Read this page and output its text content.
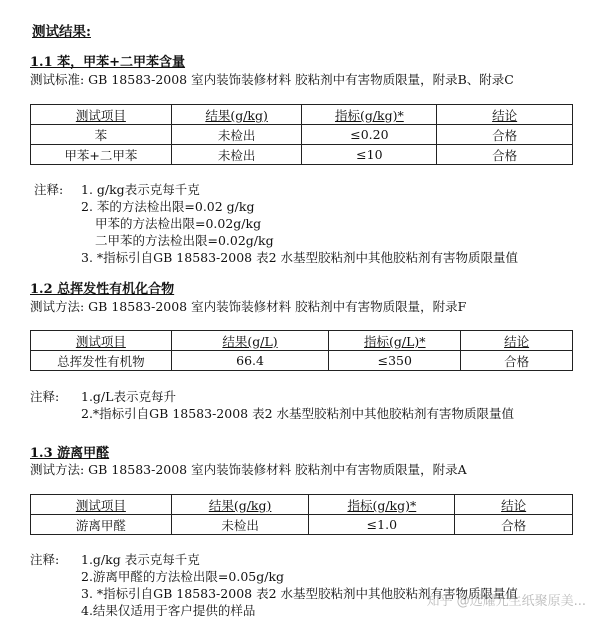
测试结果:
1.1 苯，甲苯+二甲苯含量
测试标准: GB 18583-2008 室内装饰装修材料 胶粘剂中有害物质限量，附录B、附录C
测试项目	结果(g/kg)	指标(g/kg)*	结论
苯	未检出	≤0.20	合格
甲苯+二甲苯	未检出	≤10	合格
注释: 1. g/kg表示克每千克
2. 苯的方法检出限=0.02 g/kg
甲苯的方法检出限=0.02g/kg
二甲苯的方法检出限=0.02g/kg
3. *指标引自GB 18583-2008 表2 水基型胶粘剂中其他胶粘剂有害物质限量值
1.2 总挥发性有机化合物
测试方法: GB 18583-2008 室内装饰装修材料 胶粘剂中有害物质限量，附录F
测试项目	结果(g/L)	指标(g/L)*	结论
总挥发性有机物	66.4	≤350	合格
注释: 1.g/L表示克每升
2.*指标引自GB 18583-2008 表2 水基型胶粘剂中其他胶粘剂有害物质限量值
1.3 游离甲醛
测试方法: GB 18583-2008 室内装饰装修材料 胶粘剂中有害物质限量，附录A
测试项目	结果(g/kg)	指标(g/kg)*	结论
游离甲醛	未检出	≤1.0	合格
注释: 1.g/kg 表示克每千克
2.游离甲醛的方法检出限=0.05g/kg
3. *指标引自GB 18583-2008 表2 水基型胶粘剂中其他胶粘剂有害物质限量值
4.结果仅适用于客户提供的样品
知乎 @远耀元生纸聚原美...
